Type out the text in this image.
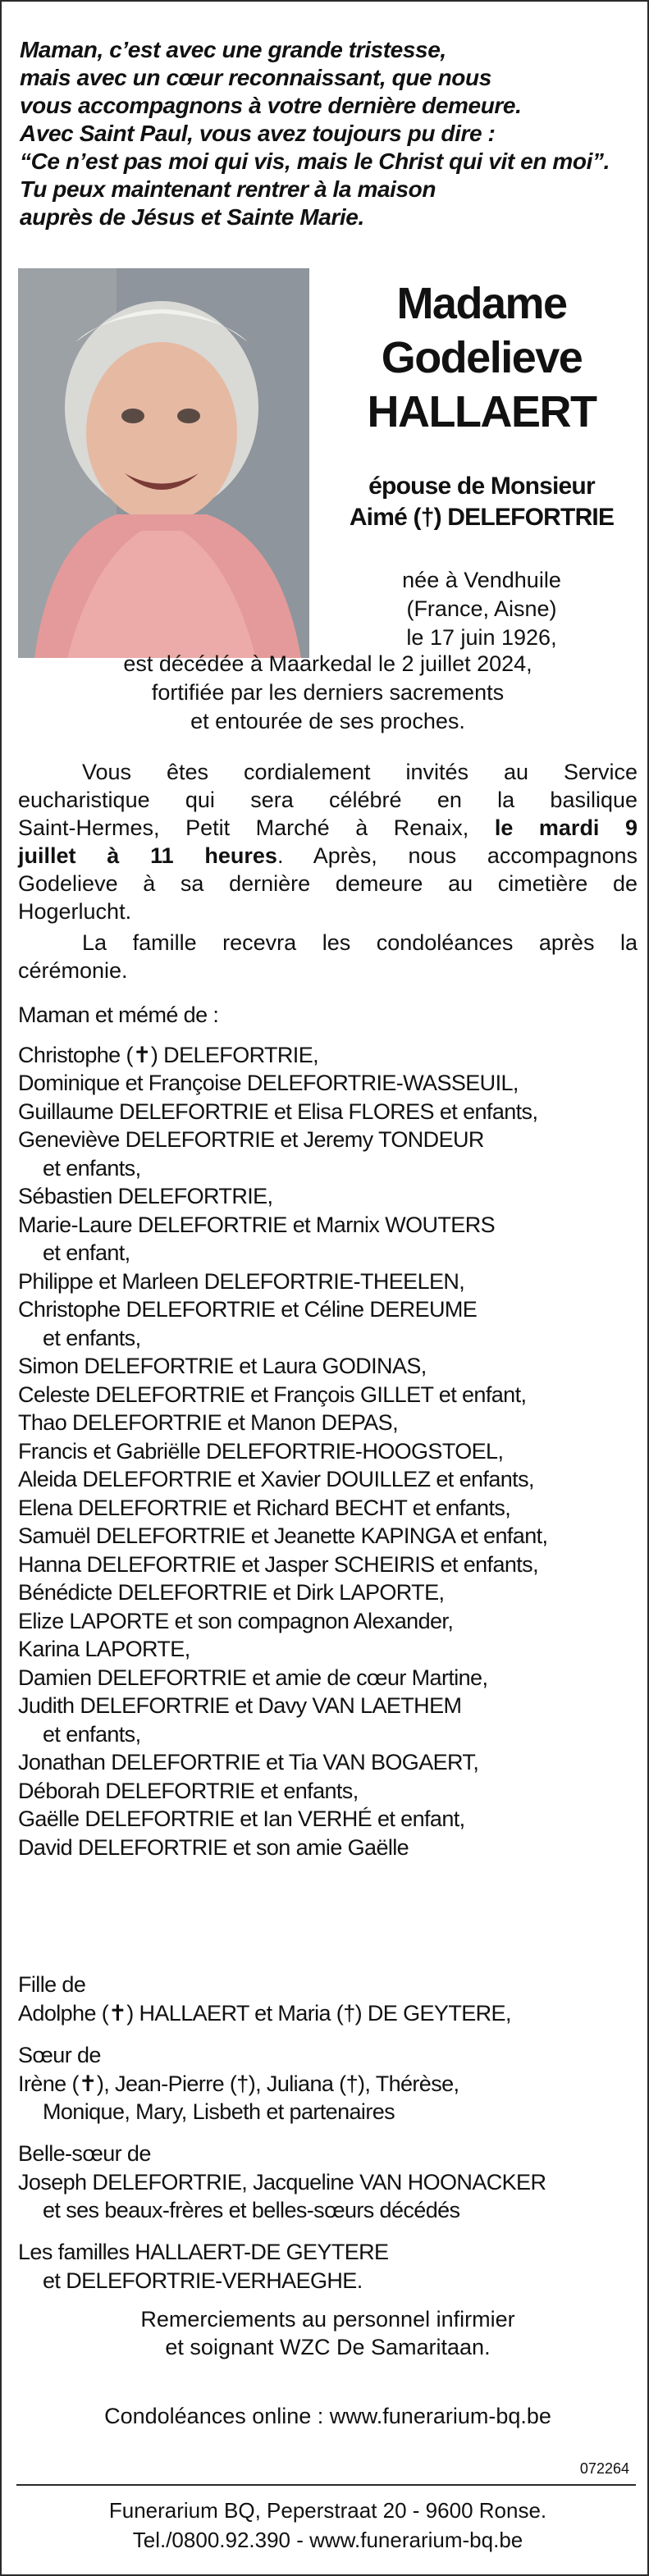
Maman, c’est avec une grande tristesse,
mais avec un cœur reconnaissant, que nous
vous accompagnons à votre dernière demeure.
Avec Saint Paul, vous avez toujours pu dire :
“Ce n’est pas moi qui vis, mais le Christ qui vit en moi”.
Tu peux maintenant rentrer à la maison
auprès de Jésus et Sainte Marie.
Madame
Godelieve
HALLAERT
épouse de Monsieur
Aimé (†) DELEFORTRIE
née à Vendhuile
(France, Aisne)
le 17 juin 1926,
est décédée à Maarkedal le 2 juillet 2024,
fortifiée par les derniers sacrements
et entourée de ses proches.
Vous êtes cordialement invités au Service
eucharistique qui sera célébré en la basilique
Saint-Hermes, Petit Marché à Renaix, le mardi 9
juillet à 11 heures. Après, nous accompagnons
Godelieve à sa dernière demeure au cimetière de
Hogerlucht.
La famille recevra les condoléances après la
cérémonie.
Maman et mémé de :
Christophe (✝) DELEFORTRIE,
Dominique et Françoise DELEFORTRIE-WASSEUIL,
Guillaume DELEFORTRIE et Elisa FLORES et enfants,
Geneviève DELEFORTRIE et Jeremy TONDEUR
et enfants,
Sébastien DELEFORTRIE,
Marie-Laure DELEFORTRIE et Marnix WOUTERS
et enfant,
Philippe et Marleen DELEFORTRIE-THEELEN,
Christophe DELEFORTRIE et Céline DEREUME
et enfants,
Simon DELEFORTRIE et Laura GODINAS,
Celeste DELEFORTRIE et François GILLET et enfant,
Thao DELEFORTRIE et Manon DEPAS,
Francis et Gabriëlle DELEFORTRIE-HOOGSTOEL,
Aleida DELEFORTRIE et Xavier DOUILLEZ et enfants,
Elena DELEFORTRIE et Richard BECHT et enfants,
Samuël DELEFORTRIE et Jeanette KAPINGA et enfant,
Hanna DELEFORTRIE et Jasper SCHEIRIS et enfants,
Bénédicte DELEFORTRIE et Dirk LAPORTE,
Elize LAPORTE et son compagnon Alexander,
Karina LAPORTE,
Damien DELEFORTRIE et amie de cœur Martine,
Judith DELEFORTRIE et Davy VAN LAETHEM
et enfants,
Jonathan DELEFORTRIE et Tia VAN BOGAERT,
Déborah DELEFORTRIE et enfants,
Gaëlle DELEFORTRIE et Ian VERHÉ et enfant,
David DELEFORTRIE et son amie Gaëlle
Fille de
Adolphe (✝) HALLAERT et Maria (†) DE GEYTERE,
Sœur de
Irène (✝), Jean-Pierre (†), Juliana (†), Thérèse,
Monique, Mary, Lisbeth et partenaires
Belle-sœur de
Joseph DELEFORTRIE, Jacqueline VAN HOONACKER
et ses beaux-frères et belles-sœurs décédés
Les familles HALLAERT-DE GEYTERE
et DELEFORTRIE-VERHAEGHE.
Remerciements au personnel infirmier
et soignant WZC De Samaritaan.
Condoléances online : www.funerarium-bq.be
072264
Funerarium BQ, Peperstraat 20 - 9600 Ronse.
Tel./0800.92.390 - www.funerarium-bq.be
